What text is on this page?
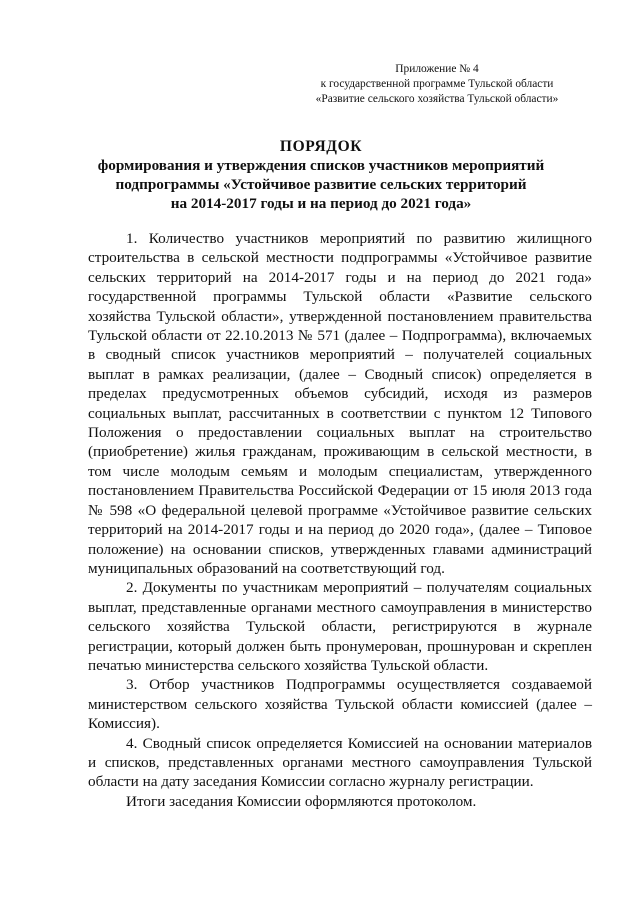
Приложение № 4
к государственной программе Тульской области
«Развитие сельского хозяйства Тульской области»
ПОРЯДОК
формирования и утверждения списков участников мероприятий
подпрограммы «Устойчивое развитие сельских территорий
на 2014-2017 годы и на период до 2021 года»

1. Количество участников мероприятий по развитию жилищного строительства в сельской местности подпрограммы «Устойчивое развитие сельских территорий на 2014-2017 годы и на период до 2021 года» государственной программы Тульской области «Развитие сельского хозяйства Тульской области», утвержденной постановлением правительства Тульской области от 22.10.2013 № 571 (далее – Подпрограмма), включаемых в сводный список участников мероприятий – получателей социальных выплат в рамках реализации, (далее – Сводный список) определяется в пределах предусмотренных объемов субсидий, исходя из размеров социальных выплат, рассчитанных в соответствии с пунктом 12 Типового Положения о предоставлении социальных выплат на строительство (приобретение) жилья гражданам, проживающим в сельской местности, в том числе молодым семьям и молодым специалистам, утвержденного постановлением Правительства Российской Федерации от 15 июля 2013 года № 598 «О федеральной целевой программе «Устойчивое развитие сельских территорий на 2014-2017 годы и на период до 2020 года», (далее – Типовое положение) на основании списков, утвержденных главами администраций муниципальных образований на соответствующий год.

2. Документы по участникам мероприятий – получателям социальных выплат, представленные органами местного самоуправления в министерство сельского хозяйства Тульской области, регистрируются в журнале регистрации, который должен быть пронумерован, прошнурован и скреплен печатью министерства сельского хозяйства Тульской области.

3. Отбор участников Подпрограммы осуществляется создаваемой министерством сельского хозяйства Тульской области комиссией (далее – Комиссия).

4. Сводный список определяется Комиссией на основании материалов и списков, представленных органами местного самоуправления Тульской области на дату заседания Комиссии согласно журналу регистрации.

Итоги заседания Комиссии оформляются протоколом.
